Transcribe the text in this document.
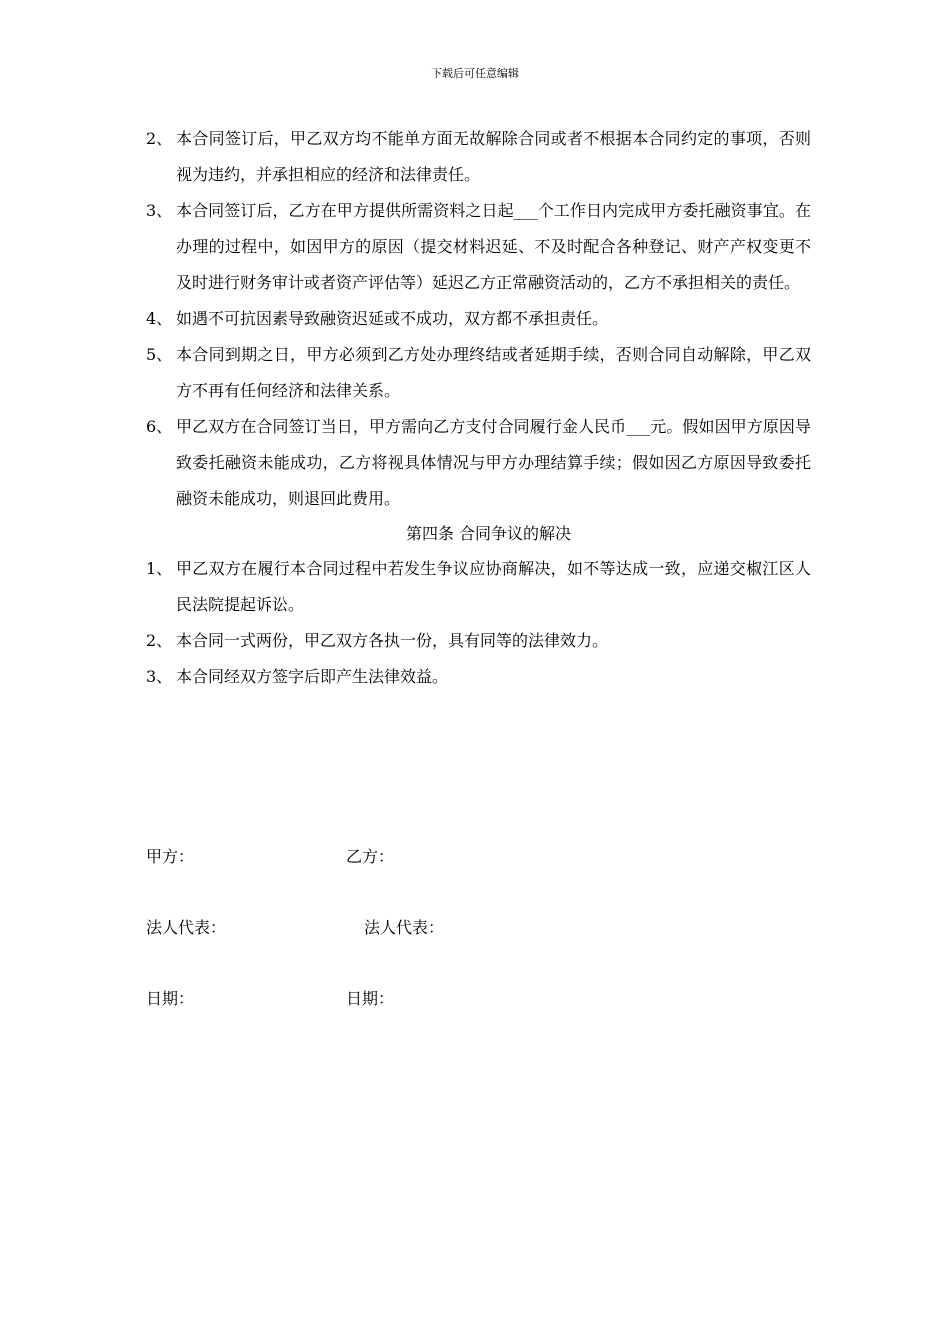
下载后可任意编辑
2、 本合同签订后，甲乙双方均不能单方面无故解除合同或者不根据本合同约定的事项，否则视为违约，并承担相应的经济和法律责任。
3、 本合同签订后，乙方在甲方提供所需资料之日起___个工作日内完成甲方委托融资事宜。在办理的过程中，如因甲方的原因（提交材料迟延、不及时配合各种登记、财产产权变更不及时进行财务审计或者资产评估等）延迟乙方正常融资活动的，乙方不承担相关的责任。
4、 如遇不可抗因素导致融资迟延或不成功，双方都不承担责任。
5、 本合同到期之日，甲方必须到乙方处办理终结或者延期手续，否则合同自动解除，甲乙双方不再有任何经济和法律关系。
6、 甲乙双方在合同签订当日，甲方需向乙方支付合同履行金人民币___元。假如因甲方原因导致委托融资未能成功，乙方将视具体情况与甲方办理结算手续；假如因乙方原因导致委托融资未能成功，则退回此费用。

第四条 合同争议的解决

1、 甲乙双方在履行本合同过程中若发生争议应协商解决，如不等达成一致，应递交椒江区人民法院提起诉讼。
2、 本合同一式两份，甲乙双方各执一份，具有同等的法律效力。
3、 本合同经双方签字后即产生法律效益。
甲方：	乙方：
法人代表：	法人代表：
日期：	日期：
